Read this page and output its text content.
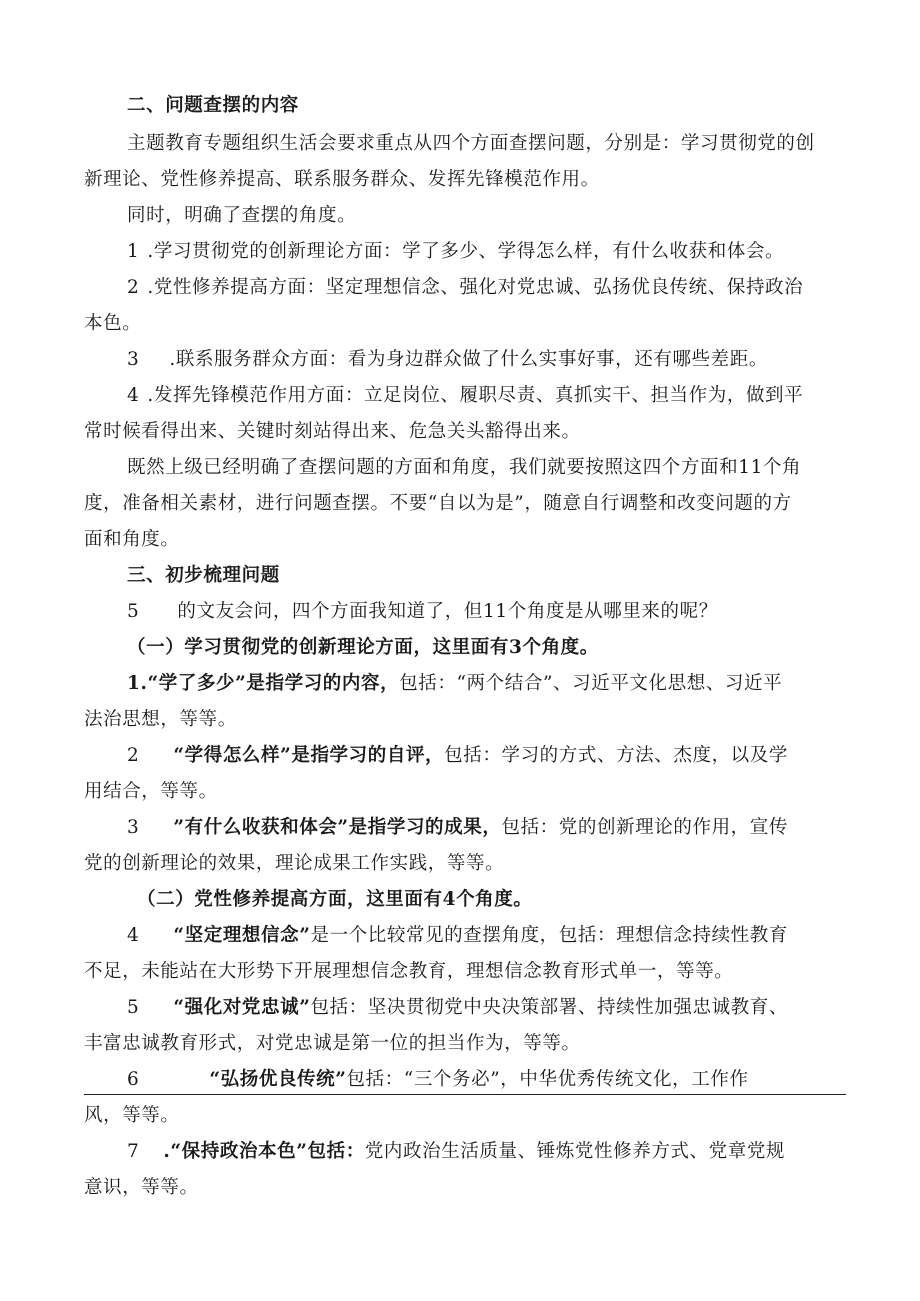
二、问题查摆的内容
主题教育专题组织生活会要求重点从四个方面查摆问题，分别是：学习贯彻党的创
新理论、党性修养提高、联系服务群众、发挥先锋模范作用。
同时，明确了查摆的角度。
1 .学习贯彻党的创新理论方面：学了多少、学得怎么样，有什么收获和体会。
2 .党性修养提高方面：坚定理想信念、强化对党忠诚、弘扬优良传统、保持政治
本色。
3 .联系服务群众方面：看为身边群众做了什么实事好事，还有哪些差距。
4 .发挥先锋模范作用方面：立足岗位、履职尽责、真抓实干、担当作为，做到平
常时候看得出来、关键时刻站得出来、危急关头豁得出来。
既然上级已经明确了查摆问题的方面和角度，我们就要按照这四个方面和11个角
度，准备相关素材，进行问题查摆。不要“自以为是”，随意自行调整和改变问题的方
面和角度。
三、初步梳理问题
5 的文友会问，四个方面我知道了，但11个角度是从哪里来的呢？
（一）学习贯彻党的创新理论方面，这里面有3个角度。
1.“学了多少”是指学习的内容，包括：“两个结合”、习近平文化思想、习近平
法治思想，等等。
2 “学得怎么样”是指学习的自评，包括：学习的方式、方法、杰度，以及学
用结合，等等。
3 ”有什么收获和体会”是指学习的成果，包括：党的创新理论的作用，宣传
党的创新理论的效果，理论成果工作实践，等等。
（二）党性修养提高方面，这里面有4个角度。
4 “坚定理想信念”是一个比较常见的查摆角度，包括：理想信念持续性教育
不足，未能站在大形势下开展理想信念教育，理想信念教育形式单一，等等。
5 “强化对党忠诚”包括：坚决贯彻党中央决策部署、持续性加强忠诚教育、
丰富忠诚教育形式，对党忠诚是第一位的担当作为，等等。
6	“弘扬优良传统”包括：“三个务必”，中华优秀传统文化，工作作
风，等等。
7 .“保持政治本色”包括：党内政治生活质量、锤炼党性修养方式、党章党规
意识，等等。
